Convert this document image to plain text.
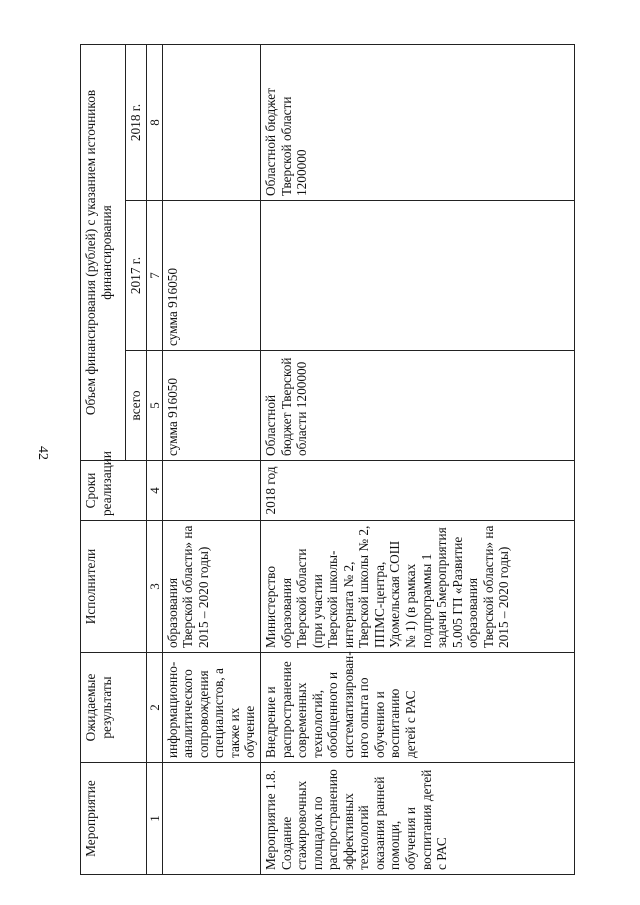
42
Мероприятие	Ожидаемые результаты	Исполнители	Сроки реализации	Объем финансирования (рублей) с указанием источников финансирования		
				всего	2017 г.	2018 г.
1	2	3	4	5	7	8
	информационно-аналитического сопровождения специалистов, а также их обучение	образования Тверской области» на 2015 – 2020 годы)		сумма 916050	сумма 916050	
Мероприятие 1.8. Создание стажировочных площадок по распространению эффективных технологий оказания ранней помощи, обучения и воспитания детей с РАС	Внедрение и распространение современных технологий, обобщенного и систематизирован-ного опыта по обучению и воспитанию детей с РАС	Министерство образования Тверской области (при участии Тверской школы-интерната № 2, Тверской школы № 2, ППМС-центра, Удомельская СОШ № 1) (в рамках подпрограммы 1 задачи 5мероприятия 5.005 ГП «Развитие образования Тверской области» на 2015 – 2020 годы)	2018 год	Областной бюджет Тверской области 1200000		Областной бюджет Тверской области 1200000
